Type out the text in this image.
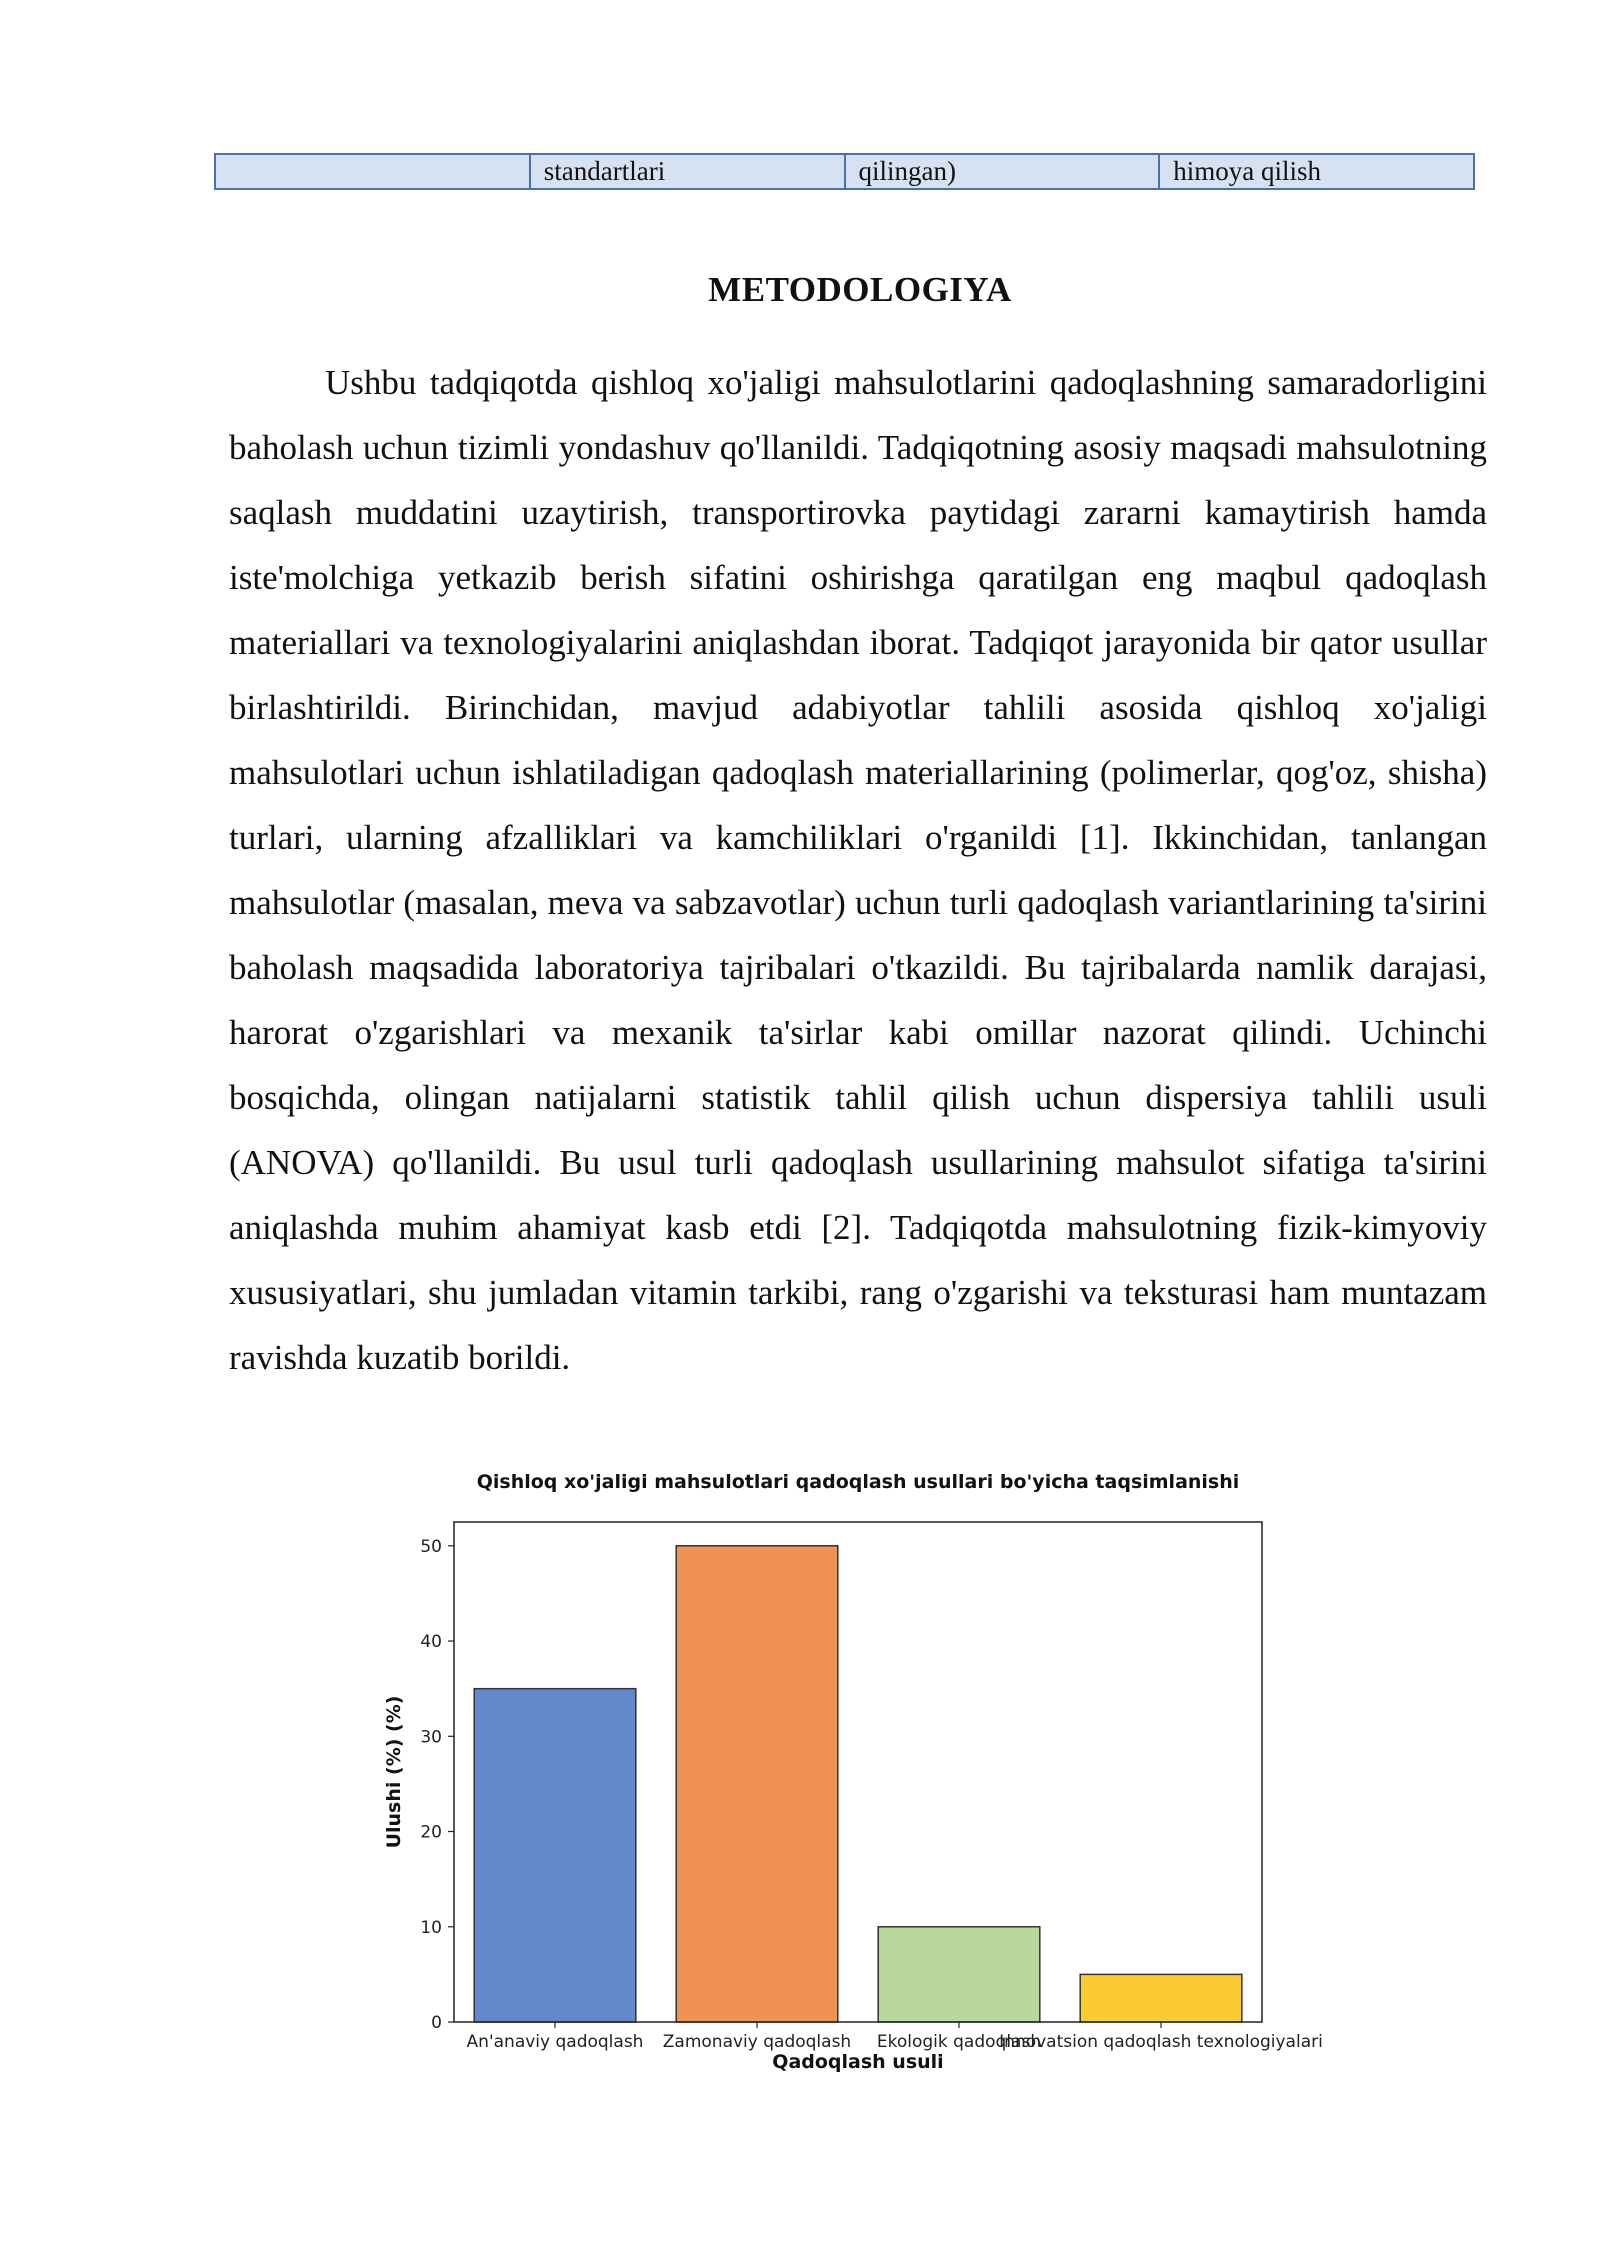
standartlari	qilingan)	himoya qilish
METODOLOGIYA

Ushbu tadqiqotda qishloq xo'jaligi mahsulotlarini qadoqlashning samaradorligini baholash uchun tizimli yondashuv qo'llanildi. Tadqiqotning asosiy maqsadi mahsulotning saqlash muddatini uzaytirish, transportirovka paytidagi zararni kamaytirish hamda iste'molchiga yetkazib berish sifatini oshirishga qaratilgan eng maqbul qadoqlash materiallari va texnologiyalarini aniqlashdan iborat. Tadqiqot jarayonida bir qator usullar birlashtirildi. Birinchidan, mavjud adabiyotlar tahlili asosida qishloq xo'jaligi mahsulotlari uchun ishlatiladigan qadoqlash materiallarining (polimerlar, qog'oz, shisha) turlari, ularning afzalliklari va kamchiliklari o'rganildi [1]. Ikkinchidan, tanlangan mahsulotlar (masalan, meva va sabzavotlar) uchun turli qadoqlash variantlarining ta'sirini baholash maqsadida laboratoriya tajribalari o'tkazildi. Bu tajribalarda namlik darajasi, harorat o'zgarishlari va mexanik ta'sirlar kabi omillar nazorat qilindi. Uchinchi bosqichda, olingan natijalarni statistik tahlil qilish uchun dispersiya tahlili usuli (ANOVA) qo'llanildi. Bu usul turli qadoqlash usullarining mahsulot sifatiga ta'sirini aniqlashda muhim ahamiyat kasb etdi [2]. Tadqiqotda mahsulotning fizik-kimyoviy xususiyatlari, shu jumladan vitamin tarkibi, rang o'zgarishi va teksturasi ham muntazam ravishda kuzatib borildi.

Qishloq xo'jaligi mahsulotlari qadoqlash usullari bo'yicha taqsimlanishi
An'anaviy qadoqlash Zamonaviy qadoqlash Ekologik qadoqlash
Innovatsion qadoqlash texnologiyalari
0
10
20
30
40
50
Qadoqlash usuli
Ulushi (%) (%)
